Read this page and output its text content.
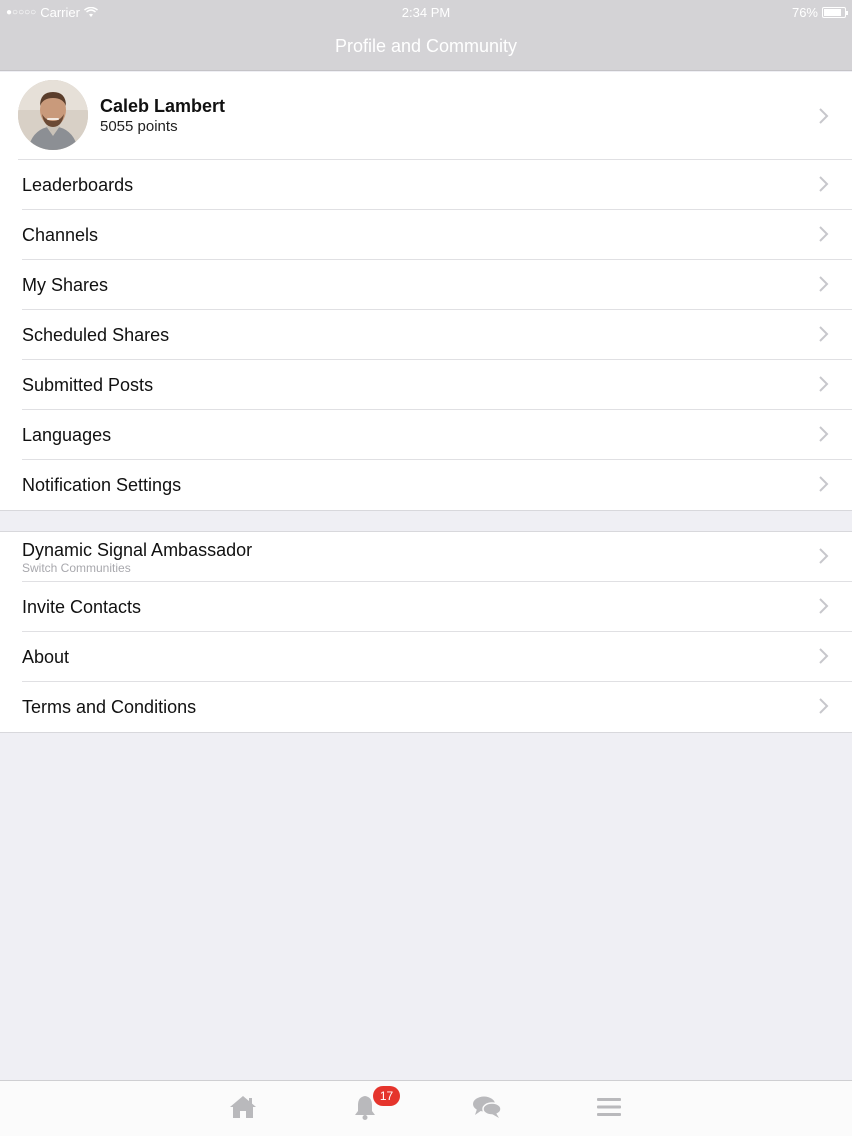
●○○○○ Carrier	2:34 PM	76%
Profile and Community
Caleb Lambert
5055 points
Leaderboards
Channels
My Shares
Scheduled Shares
Submitted Posts
Languages
Notification Settings
Dynamic Signal Ambassador
Switch Communities
Invite Contacts
About
Terms and Conditions
17
